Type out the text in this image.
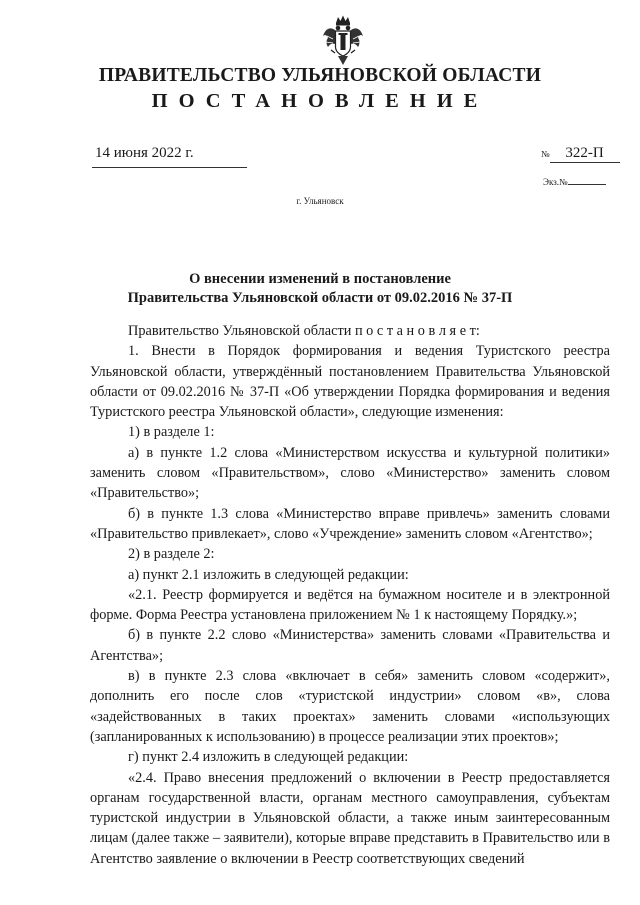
ПРАВИТЕЛЬСТВО УЛЬЯНОВСКОЙ ОБЛАСТИ
ПОСТАНОВЛЕНИЕ
14 июня 2022 г.	№ 322-П
Экз.№
г. Ульяновск
О внесении изменений в постановление
Правительства Ульяновской области от 09.02.2016 № 37-П

Правительство Ульяновской области п о с т а н о в л я е т:

1. Внести в Порядок формирования и ведения Туристского реестра Ульяновской области, утверждённый постановлением Правительства Ульяновской области от 09.02.2016 № 37-П «Об утверждении Порядка формирования и ведения Туристского реестра Ульяновской области», следующие изменения:

1) в разделе 1:

а) в пункте 1.2 слова «Министерством искусства и культурной политики» заменить словом «Правительством», слово «Министерство» заменить словом «Правительство»;

б) в пункте 1.3 слова «Министерство вправе привлечь» заменить словами «Правительство привлекает», слово «Учреждение» заменить словом «Агентство»;

2) в разделе 2:

а) пункт 2.1 изложить в следующей редакции:

«2.1. Реестр формируется и ведётся на бумажном носителе и в электронной форме. Форма Реестра установлена приложением № 1 к настоящему Порядку.»;

б) в пункте 2.2 слово «Министерства» заменить словами «Правительства и Агентства»;

в) в пункте 2.3 слова «включает в себя» заменить словом «содержит», дополнить его после слов «туристской индустрии» словом «в», слова «задействованных в таких проектах» заменить словами «использующих (запланированных к использованию) в процессе реализации этих проектов»;

г) пункт 2.4 изложить в следующей редакции:

«2.4. Право внесения предложений о включении в Реестр предоставляется органам государственной власти, органам местного самоуправления, субъектам туристской индустрии в Ульяновской области, а также иным заинтересованным лицам (далее также – заявители), которые вправе представить в Правительство или в Агентство заявление о включении в Реестр соответствующих сведений
